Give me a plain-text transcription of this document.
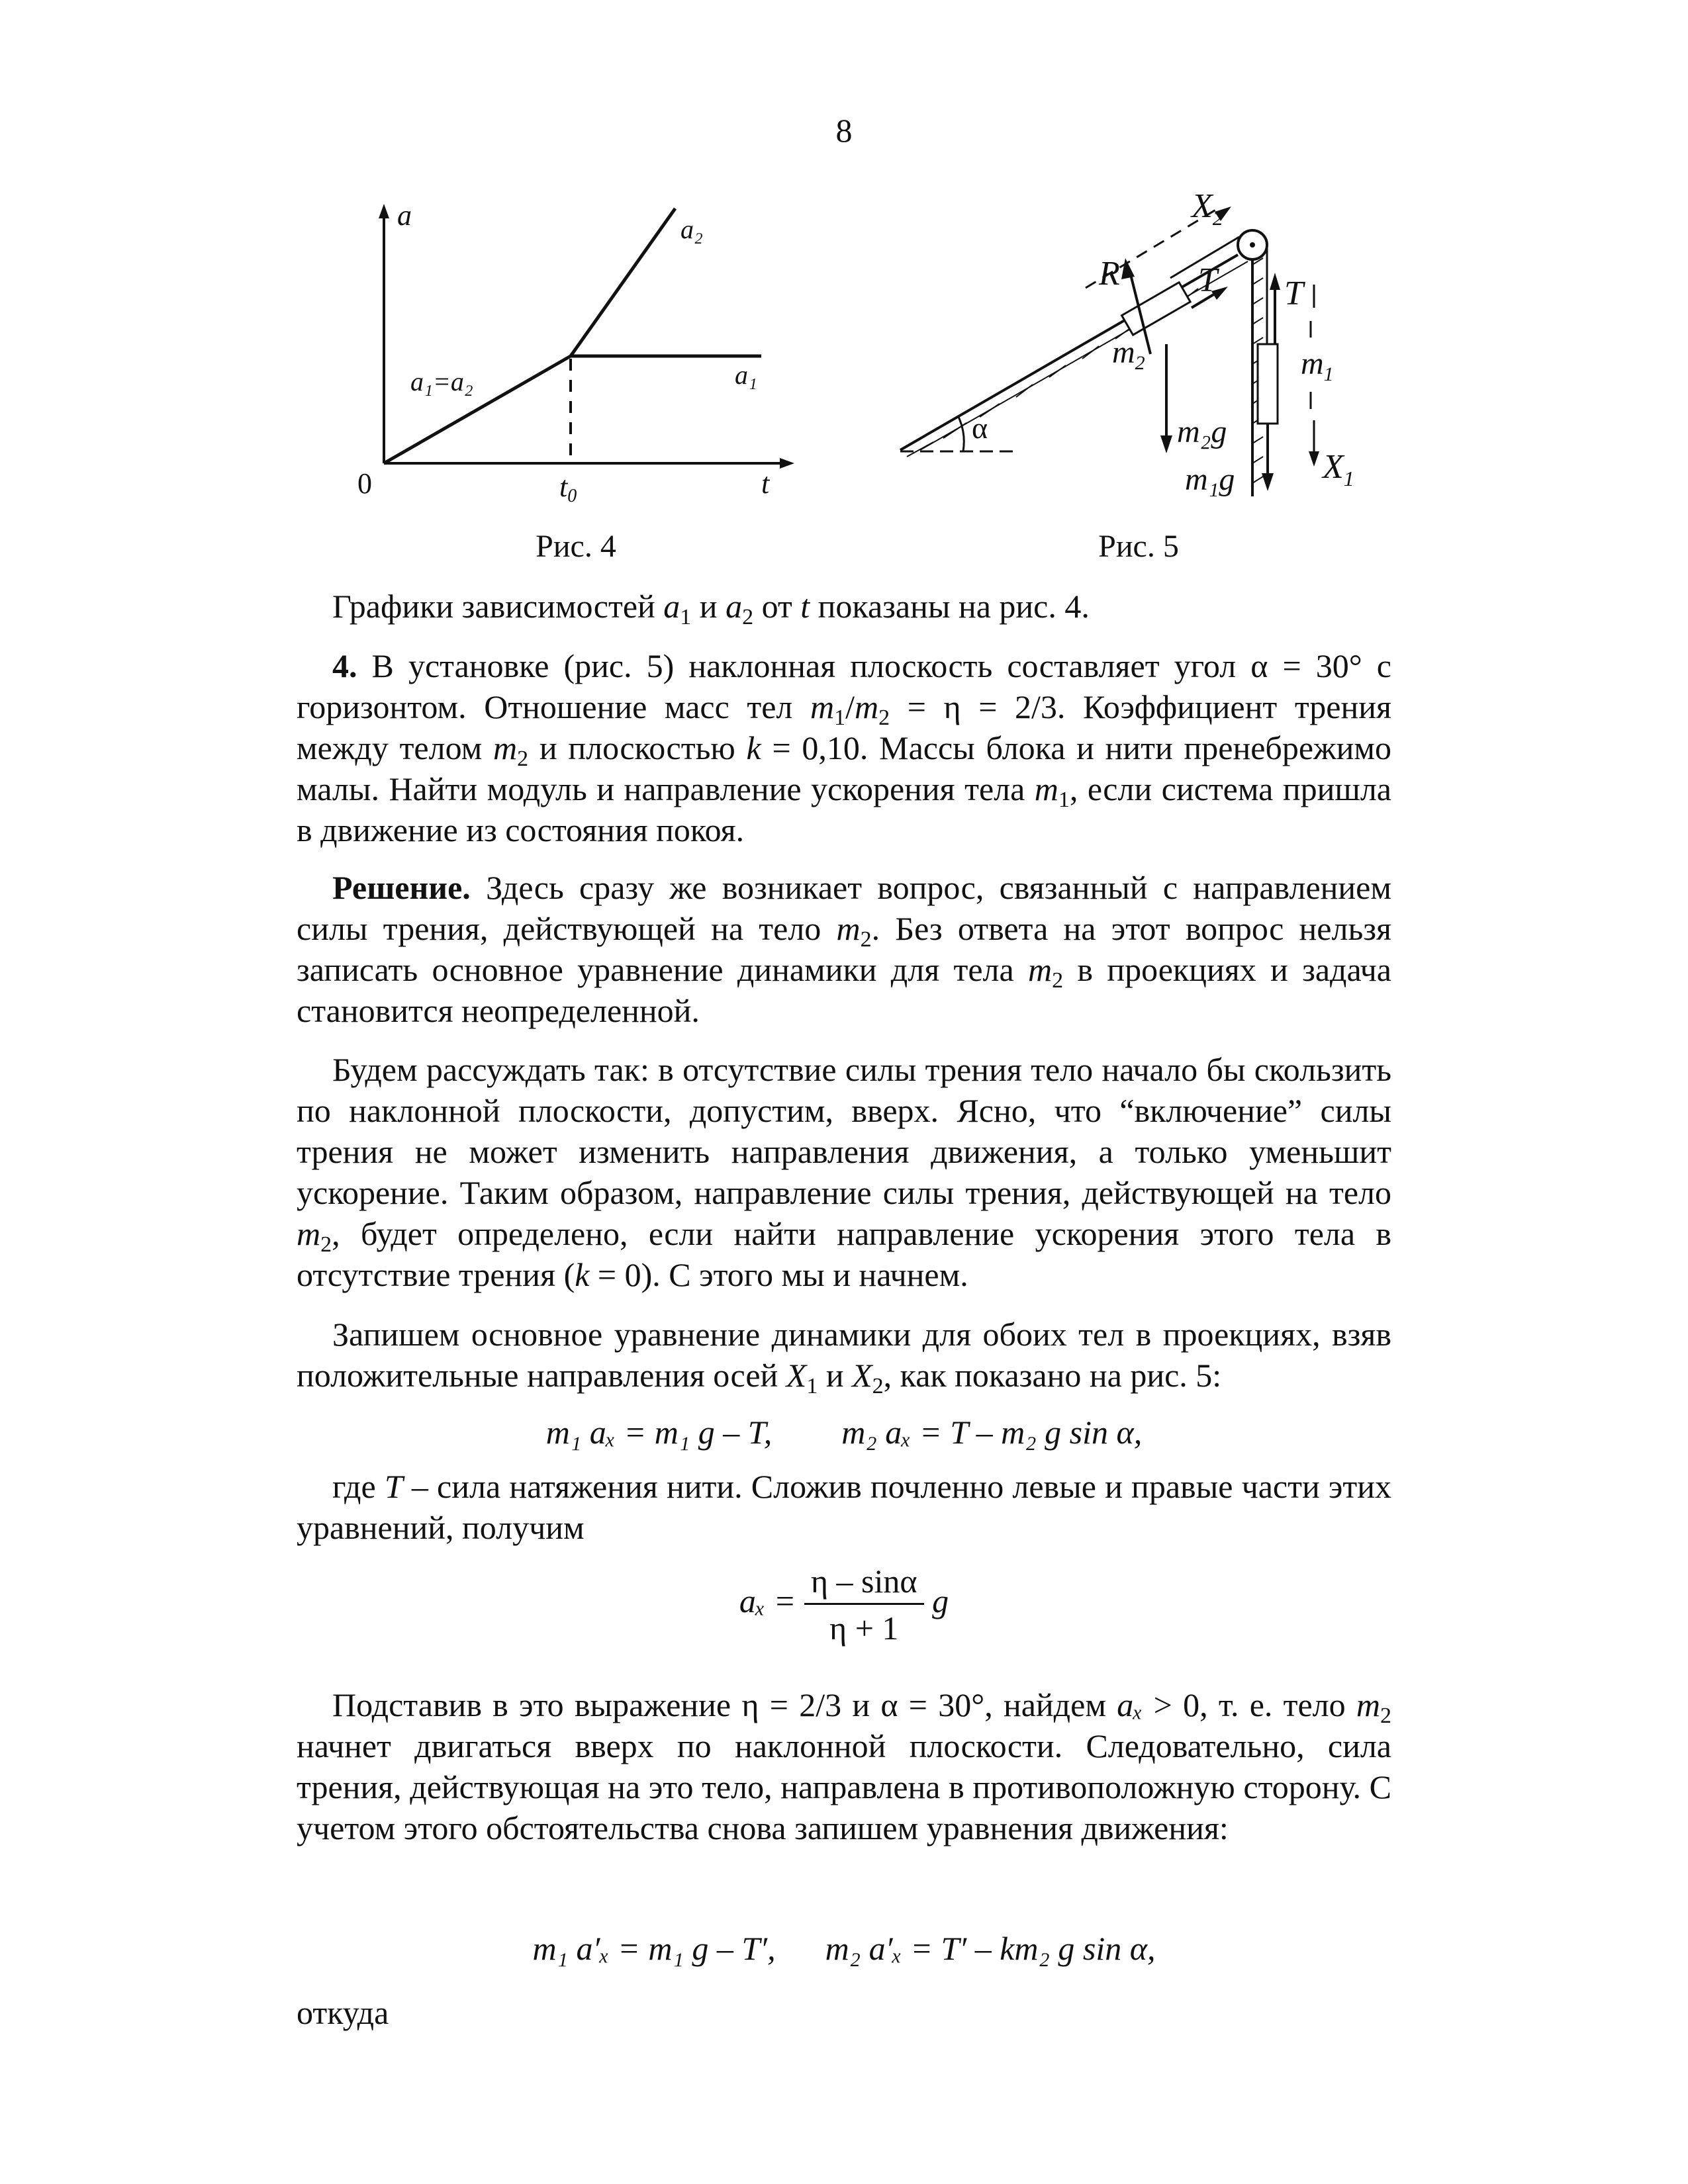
8
a	a₂
a₁=a₂	a₁
0	t0	t
Рис. 4
α
T
$X_2$
R
$m_2$
m₂g
T
$m_1$
m₁g	$X_1$
Рис. 5
Графики зависимостей $a_1$ и $a_2$ от t показаны на рис. 4.
4. В установке (рис. 5) наклонная плоскость составляет угол α = 30° с горизонтом. Отношение масс тел $m_1/m_2 = \eta = 2/3$. Коэффициент трения между телом $m_2$ и плоскостью k = 0,10. Массы блока и нити пренебрежимо малы. Найти модуль и направление ускорения тела $m_1$, если система пришла в движение из состояния покоя.
Решение. Здесь сразу же возникает вопрос, связанный с направлением силы трения, действующей на тело $m_2$. Без ответа на этот вопрос нельзя записать основное уравнение динамики для тела $m_2$ в проекциях и задача становится неопределенной.
Будем рассуждать так: в отсутствие силы трения тело начало бы скользить по наклонной плоскости, допустим, вверх. Ясно, что “включение” силы трения не может изменить направления движения, а только уменьшит ускорение. Таким образом, направление силы трения, действующей на тело $m_2$, будет определено, если найти направление ускорения этого тела в отсутствие трения (k = 0). С этого мы и начнем.
Запишем основное уравнение динамики для обоих тел в проекциях, взяв положительные направления осей $X_1$ и $X_2$, как показано на рис. 5:
m₁ aₓ = m₁ g – T, m₂ aₓ = T – m₂ g sin α,
где T – сила натяжения нити. Сложив почленно левые и правые части этих уравнений, получим
$a_x = \frac{\eta - \sin\alpha}{\eta + 1}$ g
Подставив в это выражение η = 2/3 и α = 30°, найдем aₓ > 0, т. е. тело $m_2$ начнет двигаться вверх по наклонной плоскости. Следовательно, сила трения, действующая на это тело, направлена в противоположную сторону. С учетом этого обстоятельства снова запишем уравнения движения:
m₁ a′ₓ = m₁ g – T′, m₂ a′ₓ = T′ – km₂ g sin α,
откуда
